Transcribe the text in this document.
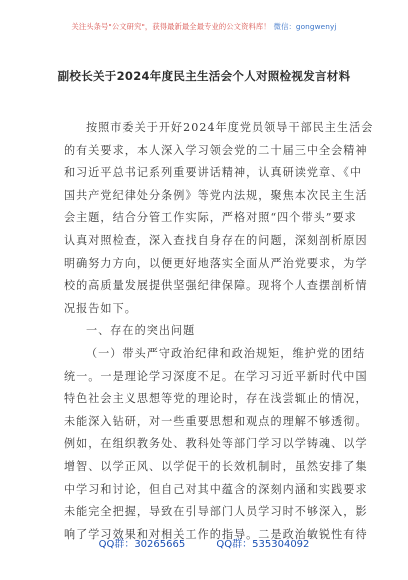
关注头条号"公文研究"，获得最新最全最专业的公文资料库！ 微信：gongwenyj
副校长关于2024年度民主生活会个人对照检视发言材料
按照市委关于开好2024年度党员领导干部民主生活会
的有关要求，本人深入学习领会党的二十届三中全会精神
和习近平总书记系列重要讲话精神，认真研读党章、《中
国共产党纪律处分条例》等党内法规，聚焦本次民主生活
会主题，结合分管工作实际，严格对照“四个带头”要求
认真对照检查，深入查找自身存在的问题，深刻剖析原因
明确努力方向，以便更好地落实全面从严治党要求，为学
校的高质量发展提供坚强纪律保障。现将个人查摆剖析情
况报告如下。
一、存在的突出问题
（一）带头严守政治纪律和政治规矩，维护党的团结
统一。一是理论学习深度不足。在学习习近平新时代中国
特色社会主义思想等党的理论时，存在浅尝辄止的情况，
未能深入钻研，对一些重要思想和观点的理解不够透彻。
例如，在组织教务处、教科处等部门学习以学铸魂、以学
增智、以学正风、以学促干的长效机制时，虽然安排了集
中学习和讨论，但自己对其中蕴含的深刻内涵和实践要求
未能完全把握，导致在引导部门人员学习时不够深入，影
响了学习效果和对相关工作的指导。二是政治敏锐性有待
QQ群：30265665	QQ群：535304092
